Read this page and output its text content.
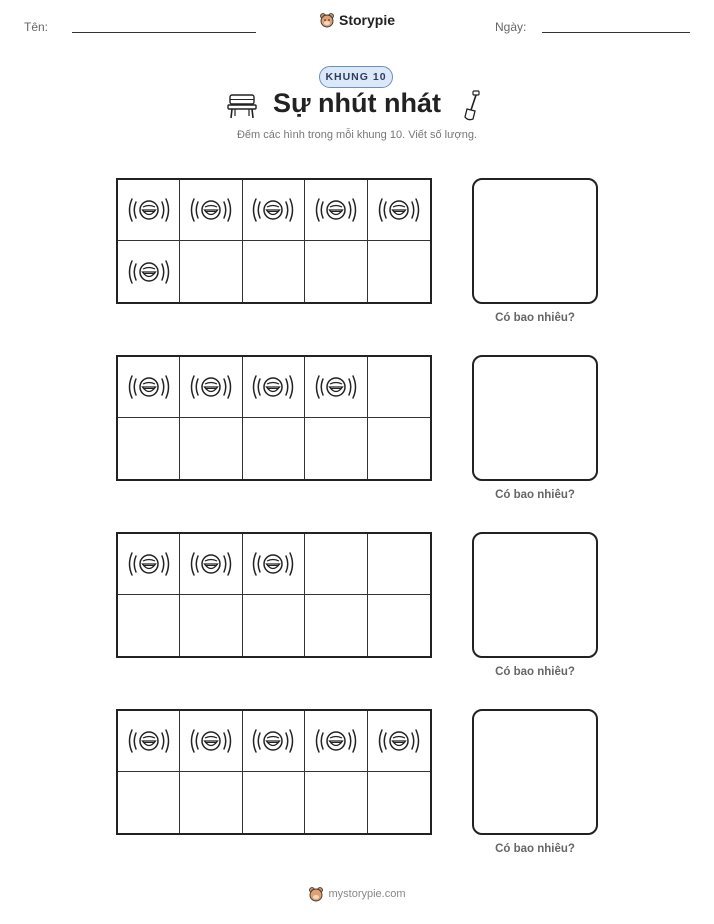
Tên:	Ngày:
Storypie
KHUNG 10
Sự nhút nhát
Đếm các hình trong mỗi khung 10. Viết số lượng.
Có bao nhiêu?
Có bao nhiêu?
Có bao nhiêu?
Có bao nhiêu?
mystorypie.com
